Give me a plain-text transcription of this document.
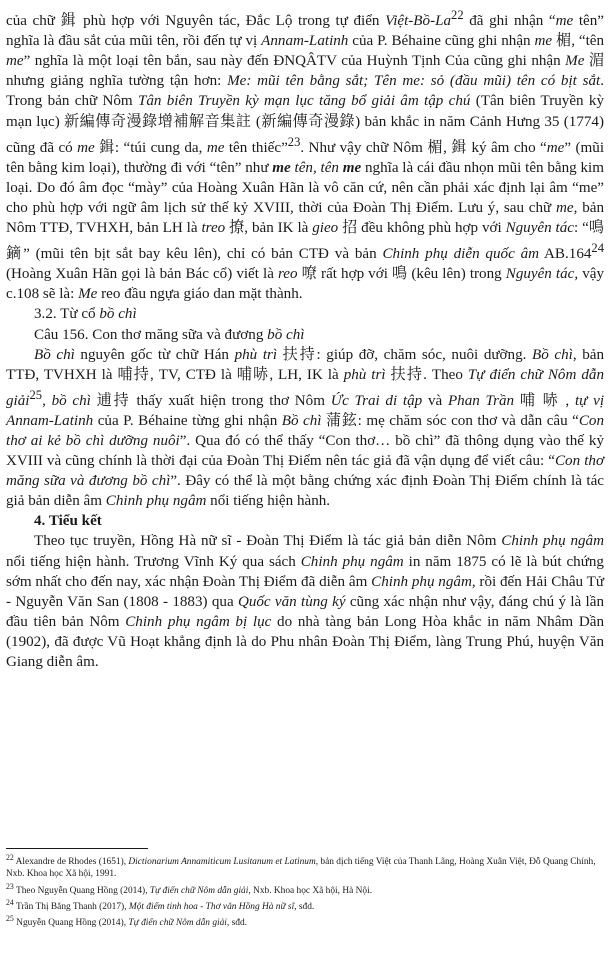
của chữ 鍓 phù hợp với Nguyên tác, Đắc Lộ trong tự điển Việt-Bồ-La$^{22}$ đã ghi nhận “me tên” nghĩa là đầu sắt của mũi tên, rồi đến tự vị Annam-Latinh của P. Béhaine cũng ghi nhận me 楣, “tên me” nghĩa là một loại tên bắn, sau này đến ĐNQÂTV của Huỳnh Tịnh Của cũng ghi nhận Me 湄 nhưng giảng nghĩa tường tận hơn: Me: mũi tên bằng sắt; Tên me: sỏ (đầu mũi) tên có bịt sắt. Trong bản chữ Nôm Tân biên Truyền kỳ mạn lục tăng bổ giải âm tập chú (Tân biên Truyền kỳ mạn lục) 新編傳奇漫錄增補解音集註 (新編傳奇漫錄) bản khắc in năm Cảnh Hưng 35 (1774) cũng đã có me 鍓: “túi cung da, me tên thiếc”$^{23}$. Như vậy chữ Nôm 楣, 鍓 ký âm cho “me” (mũi tên bằng kim loại), thường đi với “tên” như me tên, tên me nghĩa là cái đầu nhọn mũi tên bằng kim loại. Do đó âm đọc “mày” của Hoàng Xuân Hãn là vô căn cứ, nên cần phải xác định lại âm “me” cho phù hợp với ngữ âm lịch sử thế kỷ XVIII, thời của Đoàn Thị Điểm. Lưu ý, sau chữ me, bản Nôm TTĐ, TVHXH, bản LH là treo 撩, bản IK là gieo 招 đều không phù hợp với Nguyên tác: “鳴鏑” (mũi tên bịt sắt bay kêu lên), chỉ có bản CTĐ và bản Chinh phụ diễn quốc âm AB.164$^{24}$ (Hoàng Xuân Hãn gọi là bản Bác cổ) viết là reo 嘹 rất hợp với 鳴 (kêu lên) trong Nguyên tác, vậy c.108 sẽ là: Me reo đầu ngựa giáo dan mặt thành.

3.2. Từ cổ bồ chì

Câu 156. Con thơ măng sữa và đương bồ chì

Bồ chì nguyên gốc từ chữ Hán phù trì 扶持: giúp đỡ, chăm sóc, nuôi dưỡng. Bồ chì, bản TTĐ, TVHXH là 哺持, TV, CTĐ là 哺哧, LH, IK là phù trì 扶持. Theo Tự điển chữ Nôm dẫn giải$^{25}$, bồ chì 逋持 thấy xuất hiện trong thơ Nôm Ức Trai di tập và Phan Trần 哺 哧 , tự vị Annam-Latinh của P. Béhaine từng ghi nhận Bồ chì 蒲鉉: mẹ chăm sóc con thơ và dẫn câu “Con thơ ai kẻ bồ chì dưỡng nuôi”. Qua đó có thể thấy “Con thơ… bồ chì” đã thông dụng vào thế kỷ XVIII và cũng chính là thời đại của Đoàn Thị Điểm nên tác giả đã vận dụng để viết câu: “Con thơ măng sữa và đương bồ chì”. Đây có thể là một bằng chứng xác định Đoàn Thị Điểm chính là tác giả bản diễn âm Chinh phụ ngâm nổi tiếng hiện hành.

4. Tiểu kết

Theo tục truyền, Hồng Hà nữ sĩ - Đoàn Thị Điểm là tác giả bản diễn Nôm Chinh phụ ngâm nổi tiếng hiện hành. Trương Vĩnh Ký qua sách Chinh phụ ngâm in năm 1875 có lẽ là bút chứng sớm nhất cho đến nay, xác nhận Đoàn Thị Điểm đã diễn âm Chinh phụ ngâm, rồi đến Hải Châu Tử - Nguyễn Văn San (1808 - 1883) qua Quốc văn tùng ký cũng xác nhận như vậy, đáng chú ý là lần đầu tiên bản Nôm Chinh phụ ngâm bị lục do nhà tàng bản Long Hòa khắc in năm Nhâm Dần (1902), đã được Vũ Hoạt khẳng định là do Phu nhân Đoàn Thị Điểm, làng Trung Phú, huyện Văn Giang diễn âm.

$^{22}$ Alexandre de Rhodes (1651), Dictionarium Annamiticum Lusitanum et Latinum, bản dịch tiếng Việt của Thanh Lãng, Hoàng Xuân Việt, Đỗ Quang Chính, Nxb. Khoa học Xã hội, 1991.

$^{23}$ Theo Nguyễn Quang Hồng (2014), Tự điển chữ Nôm dẫn giải, Nxb. Khoa học Xã hội, Hà Nội.

$^{24}$ Trần Thị Băng Thanh (2017), Một điểm tinh hoa - Thơ văn Hồng Hà nữ sĩ, sđd.

$^{25}$ Nguyễn Quang Hồng (2014), Tự điển chữ Nôm dẫn giải, sđd.
